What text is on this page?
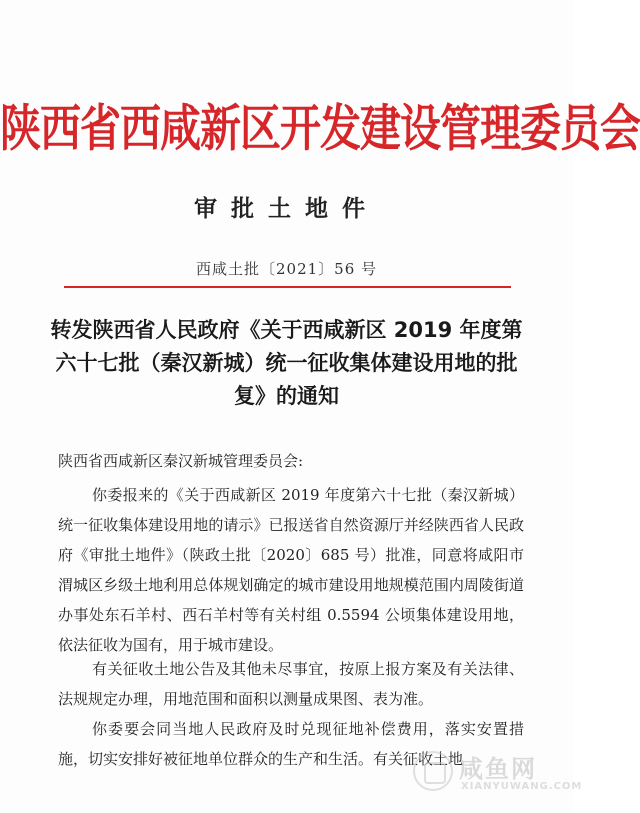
陕西省西咸新区开发建设管理委员会
审批土地件
西咸土批〔2021〕56 号
转发陕西省人民政府《关于西咸新区 2019 年度第六十七批（秦汉新城）统一征收集体建设用地的批复》的通知
陕西省西咸新区秦汉新城管理委员会:

你委报来的《关于西咸新区 2019 年度第六十七批（秦汉新城）统一征收集体建设用地的请示》已报送省自然资源厅并经陕西省人民政府《审批土地件》（陕政土批〔2020〕685 号）批准，同意将咸阳市渭城区乡级土地利用总体规划确定的城市建设用地规模范围内周陵街道办事处东石羊村、西石羊村等有关村组 0.5594 公顷集体建设用地，依法征收为国有，用于城市建设。

有关征收土地公告及其他未尽事宜，按原上报方案及有关法律、法规规定办理，用地范围和面积以测量成果图、表为准。

你委要会同当地人民政府及时兑现征地补偿费用，落实安置措施，切实安排好被征地单位群众的生产和生活。有关征收土地

咸鱼网
XIANYUWANG.COM
